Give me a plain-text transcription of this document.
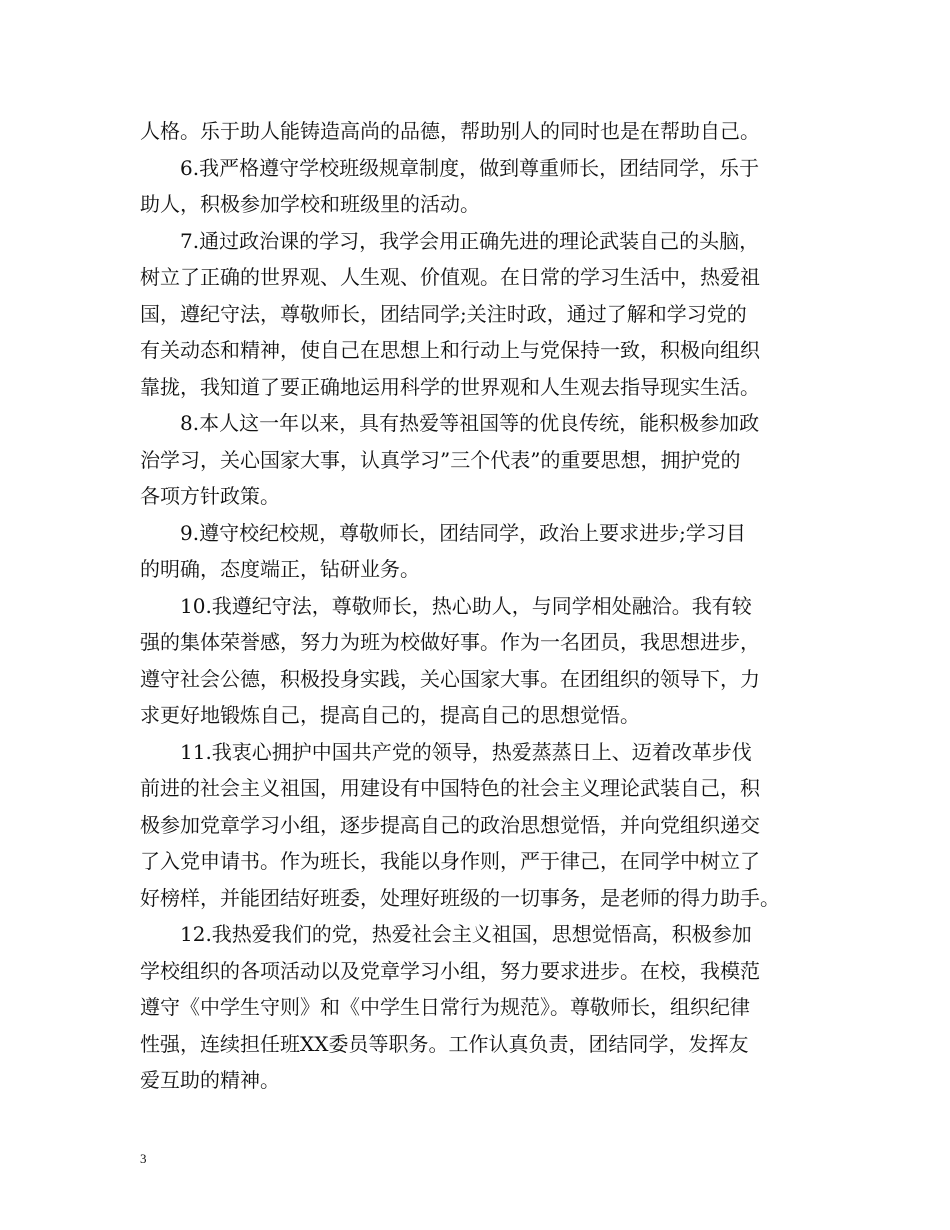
人格。乐于助人能铸造高尚的品德，帮助别人的同时也是在帮助自己。
6.我严格遵守学校班级规章制度，做到尊重师长，团结同学，乐于
助人，积极参加学校和班级里的活动。
7.通过政治课的学习，我学会用正确先进的理论武装自己的头脑，
树立了正确的世界观、人生观、价值观。在日常的学习生活中，热爱祖
国，遵纪守法，尊敬师长，团结同学;关注时政，通过了解和学习党的
有关动态和精神，使自己在思想上和行动上与党保持一致，积极向组织
靠拢，我知道了要正确地运用科学的世界观和人生观去指导现实生活。
8.本人这一年以来，具有热爱等祖国等的优良传统，能积极参加政
治学习，关心国家大事，认真学习”三个代表”的重要思想，拥护党的
各项方针政策。
9.遵守校纪校规，尊敬师长，团结同学，政治上要求进步;学习目
的明确，态度端正，钻研业务。
10.我遵纪守法，尊敬师长，热心助人，与同学相处融洽。我有较
强的集体荣誉感，努力为班为校做好事。作为一名团员，我思想进步，
遵守社会公德，积极投身实践，关心国家大事。在团组织的领导下，力
求更好地锻炼自己，提高自己的，提高自己的思想觉悟。
11.我衷心拥护中国共产党的领导，热爱蒸蒸日上、迈着改革步伐
前进的社会主义祖国，用建设有中国特色的社会主义理论武装自己，积
极参加党章学习小组，逐步提高自己的政治思想觉悟，并向党组织递交
了入党申请书。作为班长，我能以身作则，严于律己，在同学中树立了
好榜样，并能团结好班委，处理好班级的一切事务，是老师的得力助手。
12.我热爱我们的党，热爱社会主义祖国，思想觉悟高，积极参加
学校组织的各项活动以及党章学习小组，努力要求进步。在校，我模范
遵守《中学生守则》和《中学生日常行为规范》。尊敬师长，组织纪律
性强，连续担任班XX委员等职务。工作认真负责，团结同学，发挥友
爱互助的精神。
3
